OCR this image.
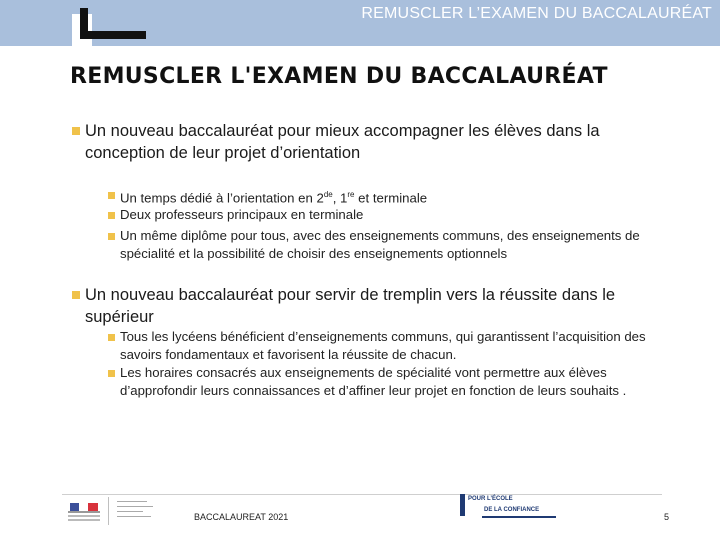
REMUSCLER L’EXAMEN DU BACCALAURÉAT
REMUSCLER L'EXAMEN DU BACCALAURÉAT
Un nouveau baccalauréat pour mieux accompagner les élèves dans la conception de leur projet d’orientation
Un temps dédié à l’orientation en 2de, 1re et terminale
Deux professeurs principaux en terminale
Un même diplôme pour tous, avec des enseignements communs, des enseignements de spécialité et la possibilité de choisir des enseignements optionnels
Un nouveau baccalauréat pour servir de tremplin vers la réussite dans le supérieur
Tous les lycéens bénéficient d’enseignements communs, qui garantissent l’acquisition des savoirs fondamentaux et favorisent la réussite de chacun.
Les horaires consacrés aux enseignements de spécialité vont permettre aux élèves d’approfondir leurs connaissances et d’affiner leur projet en fonction de leurs souhaits .
BACCALAUREAT 2021
POUR L’ÉCOLE
DE LA CONFIANCE
5
